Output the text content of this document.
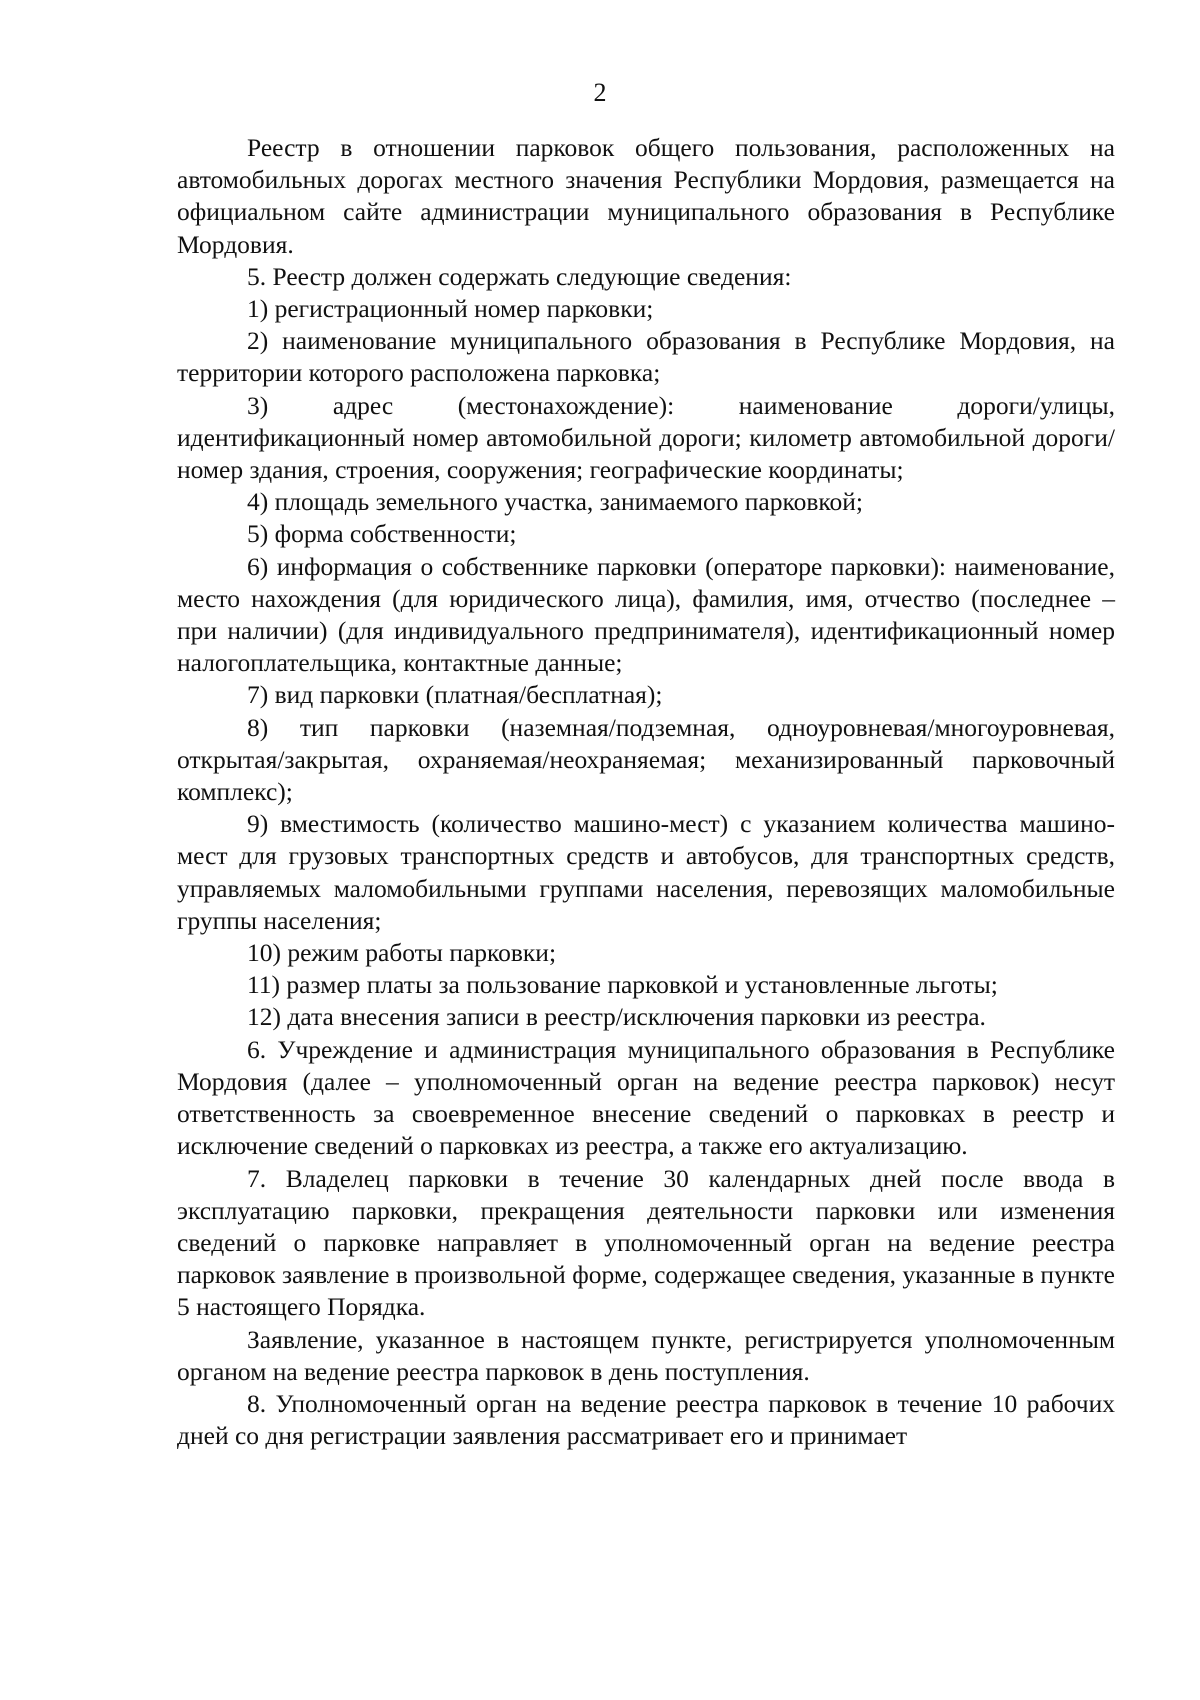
2

Реестр в отношении парковок общего пользования, расположенных на автомобильных дорогах местного значения Республики Мордовия, размещается на официальном сайте администрации муниципального образования в Республике Мордовия.

5. Реестр должен содержать следующие сведения:

1) регистрационный номер парковки;

2) наименование муниципального образования в Республике Мордовия, на территории которого расположена парковка;

3) адрес (местонахождение): наименование дороги/улицы, идентификационный номер автомобильной дороги; километр автомобильной дороги/номер здания, строения, сооружения; географические координаты;

4) площадь земельного участка, занимаемого парковкой;

5) форма собственности;

6) информация о собственнике парковки (операторе парковки): наименование, место нахождения (для юридического лица), фамилия, имя, отчество (последнее – при наличии) (для индивидуального предпринимателя), идентификационный номер налогоплательщика, контактные данные;

7) вид парковки (платная/бесплатная);

8) тип парковки (наземная/подземная, одноуровневая/многоуровневая, открытая/закрытая, охраняемая/неохраняемая; механизированный парковочный комплекс);

9) вместимость (количество машино-мест) с указанием количества машино-мест для грузовых транспортных средств и автобусов, для транспортных средств, управляемых маломобильными группами населения, перевозящих маломобильные группы населения;

10) режим работы парковки;

11) размер платы за пользование парковкой и установленные льготы;

12) дата внесения записи в реестр/исключения парковки из реестра.

6. Учреждение и администрация муниципального образования в Республике Мордовия (далее – уполномоченный орган на ведение реестра парковок) несут ответственность за своевременное внесение сведений о парковках в реестр и исключение сведений о парковках из реестра, а также его актуализацию.

7. Владелец парковки в течение 30 календарных дней после ввода в эксплуатацию парковки, прекращения деятельности парковки или изменения сведений о парковке направляет в уполномоченный орган на ведение реестра парковок заявление в произвольной форме, содержащее сведения, указанные в пункте 5 настоящего Порядка.

Заявление, указанное в настоящем пункте, регистрируется уполномоченным органом на ведение реестра парковок в день поступления.

8. Уполномоченный орган на ведение реестра парковок в течение 10 рабочих дней со дня регистрации заявления рассматривает его и принимает
